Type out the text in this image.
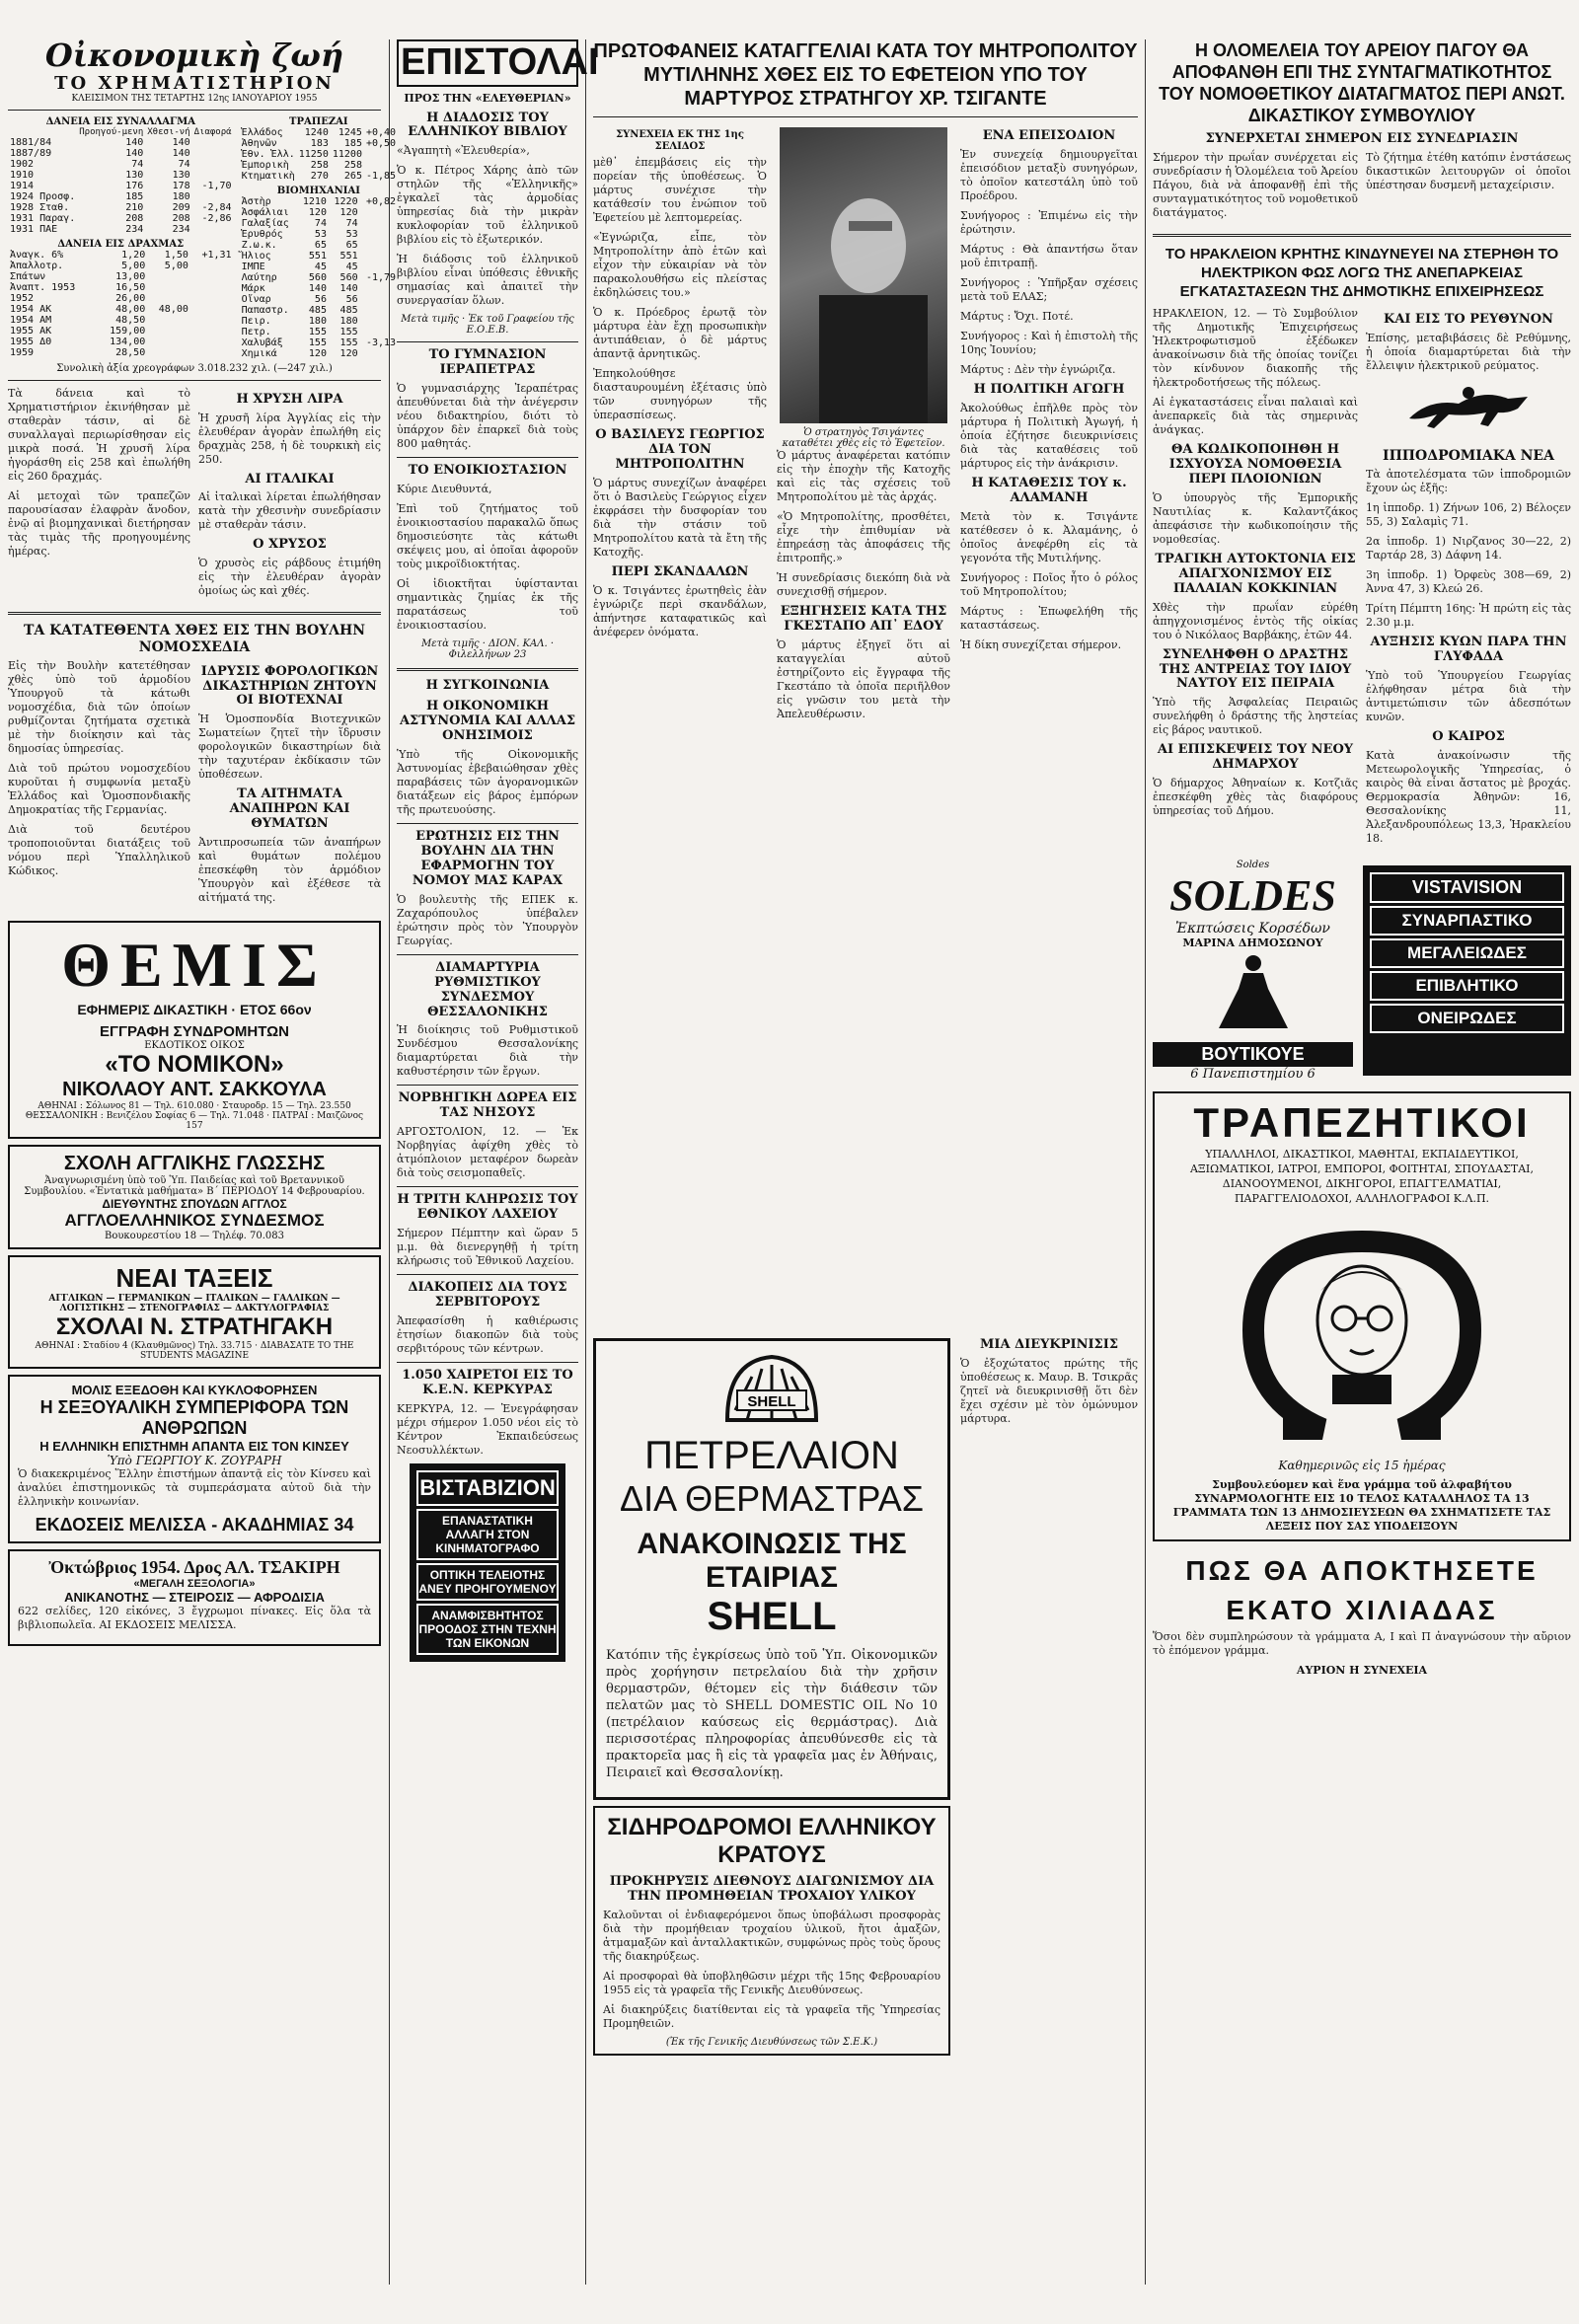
Οἰκονομικὴ ζωή
ΤΟ ΧΡΗΜΑΤΙΣΤΗΡΙΟΝ
ΚΛΕΙΣΙΜΟΝ ΤΗΣ ΤΕΤΑΡΤΗΣ 12ης ΙΑΝΟΥΑΡΙΟΥ 1955
ΔΑΝΕΙΑ ΕΙΣ ΣΥΝΑΛΛΑΓΜΑ
	Προηγού-μενη	Χθεσι-νή	Διαφορά
1881/84	140	140	
1887/89	140	140	
1902	74	74	
1910	130	130	
1914	176	178	-1,70
1924 Προσφ.	185	180	
1928 Σταθ.	210	209	-2,84
1931 Παραγ.	208	208	-2,86
1931 ΠΑΕ	234	234	
ΔΑΝΕΙΑ ΕΙΣ ΔΡΑΧΜΑΣ
Ἀναγκ. 6%	1,20	1,50	+1,31
Ἀπαλλοτρ.	5,00	5,00	
Σπάτων	13,00		
Ἀναπτ. 1953	16,50		
1952	26,00		
1954 ΑΚ	48,00	48,00	
1954 ΑΜ	48,50		
1955 ΑΚ	159,00		
1955 ΔΘ	134,00		
1959	28,50		
ΤΡΑΠΕΖΑΙ
Ἑλλάδος	1240	1245	+0,40
Ἀθηνῶν	183	185	+0,50
Ἐθν. Ἑλλ.	11250	11200	
Ἐμπορικὴ	258	258	
Κτηματικὴ	270	265	-1,85
ΒΙΟΜΗΧΑΝΙΑΙ
Ἀστὴρ	1210	1220	+0,82
Ἀσφάλιαι	120	120	
Γαλαξίας	74	74	
Ἐρυθρός	53	53	
Ζ.ω.κ.	65	65	
Ἥλιος	551	551	
ΙΜΠΕ	45	45	
Λαύτηρ	560	560	-1,79
Μάρκ	140	140	
Οἴναρ	56	56	
Παπαστρ.	485	485	
Πειρ.	180	180	
Πετρ.	155	155	
Χαλυβάξ	155	155	-3,13
Χημικά	120	120	
Συνολικὴ ἀξία χρεογράφων 3.018.232 χιλ. (—247 χιλ.)

Τὰ δάνεια καὶ τὸ Χρηματιστήριον ἐκινήθησαν μὲ σταθερὰν τάσιν, αἱ δὲ συναλλαγαὶ περιωρίσθησαν εἰς μικρὰ ποσά. Ἡ χρυσῆ λίρα ἠγοράσθη εἰς 258 καὶ ἐπωλήθη εἰς 260 δραχμάς.

Αἱ μετοχαὶ τῶν τραπεζῶν παρουσίασαν ἐλαφρὰν ἄνοδον, ἐνῷ αἱ βιομηχανικαὶ διετήρησαν τὰς τιμὰς τῆς προηγουμένης ἡμέρας.

Η ΧΡΥΣΗ ΛΙΡΑ

Ἡ χρυσῆ λίρα Ἀγγλίας εἰς τὴν ἐλευθέραν ἀγορὰν ἐπωλήθη εἰς δραχμὰς 258, ἡ δὲ τουρκικὴ εἰς 250.

ΑΙ ΙΤΑΛΙΚΑΙ

Αἱ ἰταλικαὶ λίρεται ἐπωλήθησαν κατὰ τὴν χθεσινὴν συνεδρίασιν μὲ σταθερὰν τάσιν.

Ο ΧΡΥΣΟΣ

Ὁ χρυσὸς εἰς ράβδους ἐτιμήθη εἰς τὴν ἐλευθέραν ἀγορὰν ὁμοίως ὡς καὶ χθές.

ΤΑ ΚΑΤΑΤΕΘΕΝΤΑ ΧΘΕΣ ΕΙΣ ΤΗΝ ΒΟΥΛΗΝ ΝΟΜΟΣΧΕΔΙΑ

Εἰς τὴν Βουλὴν κατετέθησαν χθὲς ὑπὸ τοῦ ἁρμοδίου Ὑπουργοῦ τὰ κάτωθι νομοσχέδια, διὰ τῶν ὁποίων ρυθμίζονται ζητήματα σχετικὰ μὲ τὴν διοίκησιν καὶ τὰς δημοσίας ὑπηρεσίας.

Διὰ τοῦ πρώτου νομοσχεδίου κυροῦται ἡ συμφωνία μεταξὺ Ἑλλάδος καὶ Ὁμοσπονδιακῆς Δημοκρατίας τῆς Γερμανίας.

Διὰ τοῦ δευτέρου τροποποιοῦνται διατάξεις τοῦ νόμου περὶ Ὑπαλληλικοῦ Κώδικος.

ΙΔΡΥΣΙΣ ΦΟΡΟΛΟΓΙΚΩΝ ΔΙΚΑΣΤΗΡΙΩΝ ΖΗΤΟΥΝ ΟΙ ΒΙΟΤΕΧΝΑΙ

Ἡ Ὁμοσπονδία Βιοτεχνικῶν Σωματείων ζητεῖ τὴν ἵδρυσιν φορολογικῶν δικαστηρίων διὰ τὴν ταχυτέραν ἐκδίκασιν τῶν ὑποθέσεων.

ΤΑ ΑΙΤΗΜΑΤΑ ΑΝΑΠΗΡΩΝ ΚΑΙ ΘΥΜΑΤΩΝ

Ἀντιπροσωπεία τῶν ἀναπήρων καὶ θυμάτων πολέμου ἐπεσκέφθη τὸν ἁρμόδιον Ὑπουργὸν καὶ ἐξέθεσε τὰ αἰτήματά της.

ΘΕΜΙΣ
ΕΦΗΜΕΡΙΣ ΔΙΚΑΣΤΙΚΗ · ΕΤΟΣ 66ον
ΕΓΓΡΑΦΗ ΣΥΝΔΡΟΜΗΤΩΝ
ΕΚΔΟΤΙΚΟΣ ΟΙΚΟΣ
«ΤΟ ΝΟΜΙΚΟΝ»
ΝΙΚΟΛΑΟΥ ΑΝΤ. ΣΑΚΚΟΥΛΑ
ΑΘΗΝΑΙ : Σόλωνος 81 — Τηλ. 610.080 · Σταυροδρ. 15 — Τηλ. 23.550
ΘΕΣΣΑΛΟΝΙΚΗ : Βενιζέλου Σοφίας 6 — Τηλ. 71.048 · ΠΑΤΡΑΙ : Μαιζῶνος 157
ΣΧΟΛΗ ΑΓΓΛΙΚΗΣ ΓΛΩΣΣΗΣ
Ἀναγνωρισμένη ὑπὸ τοῦ Ὑπ. Παιδείας καὶ τοῦ Βρεταννικοῦ Συμβουλίου. «Ἐντατικὰ μαθήματα» Β΄ ΠΕΡΙΟΔΟΥ 14 Φεβρουαρίου.
ΔΙΕΥΘΥΝΤΗΣ ΣΠΟΥΔΩΝ ΑΓΓΛΟΣ
ΑΓΓΛΟΕΛΛΗΝΙΚΟΣ ΣΥΝΔΕΣΜΟΣ
Βουκουρεστίου 18 — Τηλέφ. 70.083
ΝΕΑΙ ΤΑΞΕΙΣ
ΑΓΓΛΙΚΩΝ — ΓΕΡΜΑΝΙΚΩΝ — ΙΤΑΛΙΚΩΝ — ΓΑΛΛΙΚΩΝ — ΛΟΓΙΣΤΙΚΗΣ — ΣΤΕΝΟΓΡΑΦΙΑΣ — ΔΑΚΤΥΛΟΓΡΑΦΙΑΣ
ΣΧΟΛΑΙ Ν. ΣΤΡΑΤΗΓΑΚΗ
ΑΘΗΝΑΙ : Σταδίου 4 (Κλαυθμῶνος) Τηλ. 33.715 · ΔΙΑΒΑΣΑΤΕ ΤΟ THE STUDENTS MAGAZINE
ΜΟΛΙΣ ΕΞΕΔΟΘΗ ΚΑΙ ΚΥΚΛΟΦΟΡΗΣΕΝ
Η ΣΕΞΟΥΑΛΙΚΗ ΣΥΜΠΕΡΙΦΟΡΑ ΤΩΝ ΑΝΘΡΩΠΩΝ
Η ΕΛΛΗΝΙΚΗ ΕΠΙΣΤΗΜΗ ΑΠΑΝΤΑ ΕΙΣ ΤΟΝ ΚΙΝΣΕΥ
Ὑπὸ ΓΕΩΡΓΙΟΥ Κ. ΖΟΥΡΑΡΗ

Ὁ διακεκριμένος Ἕλλην ἐπιστήμων ἀπαντᾷ εἰς τὸν Κίνσευ καὶ ἀναλύει ἐπιστημονικῶς τὰ συμπεράσματα αὐτοῦ διὰ τὴν ἑλληνικὴν κοινωνίαν.

ΕΚΔΟΣΕΙΣ ΜΕΛΙΣΣΑ - ΑΚΑΔΗΜΙΑΣ 34
Ὀκτώβριος 1954. Δρος ΑΛ. ΤΣΑΚΙΡΗ
«ΜΕΓΑΛΗ ΣΕΞΟΛΟΓΙΑ»
ΑΝΙΚΑΝΟΤΗΣ — ΣΤΕΙΡΟΣΙΣ — ΑΦΡΟΔΙΣΙΑ

622 σελίδες, 120 εἰκόνες, 3 ἔγχρωμοι πίνακες. Εἰς ὅλα τὰ βιβλιοπωλεῖα. ΑΙ ΕΚΔΟΣΕΙΣ ΜΕΛΙΣΣΑ.

ΕΠΙΣΤΟΛΑΙ
ΠΡΟΣ ΤΗΝ «ΕΛΕΥΘΕΡΙΑΝ»
Η ΔΙΑΔΟΣΙΣ ΤΟΥ ΕΛΛΗΝΙΚΟΥ ΒΙΒΛΙΟΥ

«Ἀγαπητὴ «Ἐλευθερία»,

Ὁ κ. Πέτρος Χάρης ἀπὸ τῶν στηλῶν τῆς «Ἑλληνικῆς» ἐγκαλεῖ τὰς ἀρμοδίας ὑπηρεσίας διὰ τὴν μικρὰν κυκλοφορίαν τοῦ ἑλληνικοῦ βιβλίου εἰς τὸ ἐξωτερικόν.

Ἡ διάδοσις τοῦ ἑλληνικοῦ βιβλίου εἶναι ὑπόθεσις ἐθνικῆς σημασίας καὶ ἀπαιτεῖ τὴν συνεργασίαν ὅλων.

Μετὰ τιμῆς · Ἐκ τοῦ Γραφείου τῆς Ε.Ο.Ε.Β.
ΤΟ ΓΥΜΝΑΣΙΟΝ ΙΕΡΑΠΕΤΡΑΣ

Ὁ γυμνασιάρχης Ἱεραπέτρας ἀπευθύνεται διὰ τὴν ἀνέγερσιν νέου διδακτηρίου, διότι τὸ ὑπάρχον δὲν ἐπαρκεῖ διὰ τοὺς 800 μαθητάς.

ΤΟ ΕΝΟΙΚΙΟΣΤΑΣΙΟΝ

Κύριε Διευθυντά,

Ἐπὶ τοῦ ζητήματος τοῦ ἐνοικιοστασίου παρακαλῶ ὅπως δημοσιεύσητε τὰς κάτωθι σκέψεις μου, αἱ ὁποῖαι ἀφοροῦν τοὺς μικροϊδιοκτήτας.

Οἱ ἰδιοκτῆται ὑφίστανται σημαντικὰς ζημίας ἐκ τῆς παρατάσεως τοῦ ἐνοικιοστασίου.

Μετὰ τιμῆς · ΔΙΟΝ. ΚΑΛ. · Φιλελλήνων 23
Η ΣΥΓΚΟΙΝΩΝΙΑ
Η ΟΙΚΟΝΟΜΙΚΗ ΑΣΤΥΝΟΜΙΑ ΚΑΙ ΑΛΛΑΣ ΟΝΗΣΙΜΟΙΣ

Ὑπὸ τῆς Οἰκονομικῆς Ἀστυνομίας ἐβεβαιώθησαν χθὲς παραβάσεις τῶν ἀγορανομικῶν διατάξεων εἰς βάρος ἐμπόρων τῆς πρωτευούσης.

ΕΡΩΤΗΣΙΣ ΕΙΣ ΤΗΝ ΒΟΥΛΗΝ ΔΙΑ ΤΗΝ ΕΦΑΡΜΟΓΗΝ ΤΟΥ ΝΟΜΟΥ ΜΑΣ ΚΑΡΑΧ

Ὁ βουλευτὴς τῆς ΕΠΕΚ κ. Ζαχαρόπουλος ὑπέβαλεν ἐρώτησιν πρὸς τὸν Ὑπουργὸν Γεωργίας.

ΔΙΑΜΑΡΤΥΡΙΑ ΡΥΘΜΙΣΤΙΚΟΥ ΣΥΝΔΕΣΜΟΥ ΘΕΣΣΑΛΟΝΙΚΗΣ

Ἡ διοίκησις τοῦ Ρυθμιστικοῦ Συνδέσμου Θεσσαλονίκης διαμαρτύρεται διὰ τὴν καθυστέρησιν τῶν ἔργων.

ΝΟΡΒΗΓΙΚΗ ΔΩΡΕΑ ΕΙΣ ΤΑΣ ΝΗΣΟΥΣ

ΑΡΓΟΣΤΟΛΙΟΝ, 12. — Ἐκ Νορβηγίας ἀφίχθη χθὲς τὸ ἀτμόπλοιον μεταφέρον δωρεὰν διὰ τοὺς σεισμοπαθεῖς.

Η ΤΡΙΤΗ ΚΛΗΡΩΣΙΣ ΤΟΥ ΕΘΝΙΚΟΥ ΛΑΧΕΙΟΥ

Σήμερον Πέμπτην καὶ ὥραν 5 μ.μ. θὰ διενεργηθῇ ἡ τρίτη κλήρωσις τοῦ Ἐθνικοῦ Λαχείου.

ΔΙΑΚΟΠΕΙΣ ΔΙΑ ΤΟΥΣ ΣΕΡΒΙΤΟΡΟΥΣ

Ἀπεφασίσθη ἡ καθιέρωσις ἐτησίων διακοπῶν διὰ τοὺς σερβιτόρους τῶν κέντρων.

1.050 ΧΑΙΡΕΤΟΙ ΕΙΣ ΤΟ Κ.Ε.Ν. ΚΕΡΚΥΡΑΣ

ΚΕΡΚΥΡΑ, 12. — Ἐνεγράφησαν μέχρι σήμερον 1.050 νέοι εἰς τὸ Κέντρον Ἐκπαιδεύσεως Νεοσυλλέκτων.

ΒΙΣΤΑΒΙΖΙΟΝ
ΕΠΑΝΑΣΤΑΤΙΚΗ ΑΛΛΑΓΗ ΣΤΟΝ ΚΙΝΗΜΑΤΟΓΡΑΦΟ
ΟΠΤΙΚΗ ΤΕΛΕΙΟΤΗΣ ΑΝΕΥ ΠΡΟΗΓΟΥΜΕΝΟΥ
ΑΝΑΜΦΙΣΒΗΤΗΤΟΣ ΠΡΟΟΔΟΣ ΣΤΗΝ ΤΕΧΝΗ ΤΩΝ ΕΙΚΟΝΩΝ
ΠΡΩΤΟΦΑΝΕΙΣ ΚΑΤΑΓΓΕΛΙΑΙ ΚΑΤΑ ΤΟΥ ΜΗΤΡΟΠΟΛΙΤΟΥ ΜΥΤΙΛΗΝΗΣ ΧΘΕΣ ΕΙΣ ΤΟ ΕΦΕΤΕΙΟΝ ΥΠΟ ΤΟΥ ΜΑΡΤΥΡΟΣ ΣΤΡΑΤΗΓΟΥ ΧΡ. ΤΣΙΓΑΝΤΕ
ΣΥΝΕΧΕΙΑ ΕΚ ΤΗΣ 1ης ΣΕΛΙΔΟΣ

μὲθ᾽ ἐπεμβάσεις εἰς τὴν πορείαν τῆς ὑποθέσεως. Ὁ μάρτυς συνέχισε τὴν κατάθεσίν του ἐνώπιον τοῦ Ἐφετείου μὲ λεπτομερείας.

«Ἐγνώριζα, εἶπε, τὸν Μητροπολίτην ἀπὸ ἐτῶν καὶ εἶχον τὴν εὐκαιρίαν νὰ τὸν παρακολουθήσω εἰς πλείστας ἐκδηλώσεις του.»

Ὁ κ. Πρόεδρος ἐρωτᾷ τὸν μάρτυρα ἐὰν ἔχῃ προσωπικὴν ἀντιπάθειαν, ὁ δὲ μάρτυς ἀπαντᾷ ἀρνητικῶς.

Ἐπηκολούθησε διασταυρουμένη ἐξέτασις ὑπὸ τῶν συνηγόρων τῆς ὑπερασπίσεως.

Ο ΒΑΣΙΛΕΥΣ ΓΕΩΡΓΙΟΣ ΔΙΑ ΤΟΝ ΜΗΤΡΟΠΟΛΙΤΗΝ

Ὁ μάρτυς συνεχίζων ἀναφέρει ὅτι ὁ Βασιλεὺς Γεώργιος εἶχεν ἐκφράσει τὴν δυσφορίαν του διὰ τὴν στάσιν τοῦ Μητροπολίτου κατὰ τὰ ἔτη τῆς Κατοχῆς.

ΠΕΡΙ ΣΚΑΝΔΑΛΩΝ

Ὁ κ. Τσιγάντες ἐρωτηθεὶς ἐὰν ἐγνώριζε περὶ σκανδάλων, ἀπήντησε καταφατικῶς καὶ ἀνέφερεν ὀνόματα.

Ὁ στρατηγὸς Τσιγάντες καταθέτει χθὲς εἰς τὸ Ἐφετεῖον.

Ὁ μάρτυς ἀναφέρεται κατόπιν εἰς τὴν ἐποχὴν τῆς Κατοχῆς καὶ εἰς τὰς σχέσεις τοῦ Μητροπολίτου μὲ τὰς ἀρχάς.

«Ὁ Μητροπολίτης, προσθέτει, εἶχε τὴν ἐπιθυμίαν νὰ ἐπηρεάσῃ τὰς ἀποφάσεις τῆς ἐπιτροπῆς.»

Ἡ συνεδρίασις διεκόπη διὰ νὰ συνεχισθῇ σήμερον.

ΕΞΗΓΗΣΕΙΣ ΚΑΤΑ ΤΗΣ ΓΚΕΣΤΑΠΟ ΑΠ᾽ ΕΔΟΥ

Ὁ μάρτυς ἐξηγεῖ ὅτι αἱ καταγγελίαι αὐτοῦ ἐστηρίζοντο εἰς ἔγγραφα τῆς Γκεστάπο τὰ ὁποῖα περιῆλθον εἰς γνῶσιν του μετὰ τὴν Ἀπελευθέρωσιν.

ΕΝΑ ΕΠΕΙΣΟΔΙΟΝ

Ἐν συνεχείᾳ δημιουργεῖται ἐπεισόδιον μεταξὺ συνηγόρων, τὸ ὁποῖον κατεστάλη ὑπὸ τοῦ Προέδρου.

Συνήγορος : Ἐπιμένω εἰς τὴν ἐρώτησιν.

Μάρτυς : Θὰ ἀπαντήσω ὅταν μοῦ ἐπιτραπῇ.

Συνήγορος : Ὑπῆρξαν σχέσεις μετὰ τοῦ ΕΛΑΣ;

Μάρτυς : Ὄχι. Ποτέ.

Συνήγορος : Καὶ ἡ ἐπιστολὴ τῆς 10ης Ἰουνίου;

Μάρτυς : Δὲν τὴν ἐγνώριζα.

Η ΠΟΛΙΤΙΚΗ ΑΓΩΓΗ

Ἀκολούθως ἐπῆλθε πρὸς τὸν μάρτυρα ἡ Πολιτικὴ Ἀγωγή, ἡ ὁποία ἐζήτησε διευκρινίσεις διὰ τὰς καταθέσεις τοῦ μάρτυρος εἰς τὴν ἀνάκρισιν.

Η ΚΑΤΑΘΕΣΙΣ ΤΟΥ κ. ΑΛΑΜΑΝΗ

Μετὰ τὸν κ. Τσιγάντε κατέθεσεν ὁ κ. Ἀλαμάνης, ὁ ὁποῖος ἀνεφέρθη εἰς τὰ γεγονότα τῆς Μυτιλήνης.

Συνήγορος : Ποῖος ἦτο ὁ ρόλος τοῦ Μητροπολίτου;

Μάρτυς : Ἐπωφελήθη τῆς καταστάσεως.

Ἡ δίκη συνεχίζεται σήμερον.

SHELL
ΠΕΤΡΕΛΑΙΟΝ
ΔΙΑ ΘΕΡΜΑΣΤΡΑΣ
ΑΝΑΚΟΙΝΩΣΙΣ ΤΗΣ ΕΤΑΙΡΙΑΣ
SHELL

Κατόπιν τῆς ἐγκρίσεως ὑπὸ τοῦ Ὑπ. Οἰκονομικῶν πρὸς χορήγησιν πετρελαίου διὰ τὴν χρῆσιν θερμαστρῶν, θέτομεν εἰς τὴν διάθεσιν τῶν πελατῶν μας τὸ SHELL DOMESTIC OIL No 10 (πετρέλαιον καύσεως εἰς θερμάστρας). Διὰ περισσοτέρας πληροφορίας ἀπευθύνεσθε εἰς τὰ πρακτορεῖα μας ἢ εἰς τὰ γραφεῖα μας ἐν Ἀθήναις, Πειραιεῖ καὶ Θεσσαλονίκῃ.

ΣΙΔΗΡΟΔΡΟΜΟΙ ΕΛΛΗΝΙΚΟΥ ΚΡΑΤΟΥΣ
ΠΡΟΚΗΡΥΞΙΣ ΔΙΕΘΝΟΥΣ ΔΙΑΓΩΝΙΣΜΟΥ ΔΙΑ ΤΗΝ ΠΡΟΜΗΘΕΙΑΝ ΤΡΟΧΑΙΟΥ ΥΛΙΚΟΥ

Καλοῦνται οἱ ἐνδιαφερόμενοι ὅπως ὑποβάλωσι προσφορὰς διὰ τὴν προμήθειαν τροχαίου ὑλικοῦ, ἤτοι ἁμαξῶν, ἀτμαμαξῶν καὶ ἀνταλλακτικῶν, συμφώνως πρὸς τοὺς ὅρους τῆς διακηρύξεως.

Αἱ προσφοραὶ θὰ ὑποβληθῶσιν μέχρι τῆς 15ης Φεβρουαρίου 1955 εἰς τὰ γραφεῖα τῆς Γενικῆς Διευθύνσεως.

Αἱ διακηρύξεις διατίθενται εἰς τὰ γραφεῖα τῆς Ὑπηρεσίας Προμηθειῶν.

(Ἐκ τῆς Γενικῆς Διευθύνσεως τῶν Σ.Ε.Κ.)
ΜΙΑ ΔΙΕΥΚΡΙΝΙΣΙΣ

Ὁ ἐξοχώτατος πρώτης τῆς ὑποθέσεως κ. Μαυρ. Β. Τσικρᾶς ζητεῖ νὰ διευκρινισθῇ ὅτι δὲν ἔχει σχέσιν μὲ τὸν ὁμώνυμον μάρτυρα.

Η ΟΛΟΜΕΛΕΙΑ ΤΟΥ ΑΡΕΙΟΥ ΠΑΓΟΥ ΘΑ ΑΠΟΦΑΝΘΗ ΕΠΙ ΤΗΣ ΣΥΝΤΑΓΜΑΤΙΚΟΤΗΤΟΣ ΤΟΥ ΝΟΜΟΘΕΤΙΚΟΥ ΔΙΑΤΑΓΜΑΤΟΣ ΠΕΡΙ ΑΝΩΤ. ΔΙΚΑΣΤΙΚΟΥ ΣΥΜΒΟΥΛΙΟΥ
ΣΥΝΕΡΧΕΤΑΙ ΣΗΜΕΡΟΝ ΕΙΣ ΣΥΝΕΔΡΙΑΣΙΝ

Σήμερον τὴν πρωΐαν συνέρχεται εἰς συνεδρίασιν ἡ Ὁλομέλεια τοῦ Ἀρείου Πάγου, διὰ νὰ ἀποφανθῇ ἐπὶ τῆς συνταγματικότητος τοῦ νομοθετικοῦ διατάγματος.

Τὸ ζήτημα ἐτέθη κατόπιν ἐνστάσεως δικαστικῶν λειτουργῶν οἱ ὁποῖοι ὑπέστησαν δυσμενῆ μεταχείρισιν.

ΤΟ ΗΡΑΚΛΕΙΟΝ ΚΡΗΤΗΣ ΚΙΝΔΥΝΕΥΕΙ ΝΑ ΣΤΕΡΗΘΗ ΤΟ ΗΛΕΚΤΡΙΚΟΝ ΦΩΣ ΛΟΓΩ ΤΗΣ ΑΝΕΠΑΡΚΕΙΑΣ ΕΓΚΑΤΑΣΤΑΣΕΩΝ ΤΗΣ ΔΗΜΟΤΙΚΗΣ ΕΠΙΧΕΙΡΗΣΕΩΣ

ΗΡΑΚΛΕΙΟΝ, 12. — Τὸ Συμβούλιον τῆς Δημοτικῆς Ἐπιχειρήσεως Ἠλεκτροφωτισμοῦ ἐξέδωκεν ἀνακοίνωσιν διὰ τῆς ὁποίας τονίζει τὸν κίνδυνον διακοπῆς τῆς ἠλεκτροδοτήσεως τῆς πόλεως.

Αἱ ἐγκαταστάσεις εἶναι παλαιαὶ καὶ ἀνεπαρκεῖς διὰ τὰς σημερινὰς ἀνάγκας.

ΘΑ ΚΩΔΙΚΟΠΟΙΗΘΗ Η ΙΣΧΥΟΥΣΑ ΝΟΜΟΘΕΣΙΑ ΠΕΡΙ ΠΛΟΙΟΝΙΩΝ

Ὁ ὑπουργὸς τῆς Ἐμπορικῆς Ναυτιλίας κ. Καλαντζάκος ἀπεφάσισε τὴν κωδικοποίησιν τῆς νομοθεσίας.

ΤΡΑΓΙΚΗ ΑΥΤΟΚΤΟΝΙΑ ΕΙΣ ΑΠΑΓΧΟΝΙΣΜΟΥ ΕΙΣ ΠΑΛΑΙΑΝ ΚΟΚΚΙΝΙΑΝ

Χθὲς τὴν πρωΐαν εὑρέθη ἀπηγχονισμένος ἐντὸς τῆς οἰκίας του ὁ Νικόλαος Βαρβάκης, ἐτῶν 44.

ΣΥΝΕΛΗΦΘΗ Ο ΔΡΑΣΤΗΣ ΤΗΣ ΑΝΤΡΕΙΑΣ ΤΟΥ ΙΔΙΟΥ ΝΑΥΤΟΥ ΕΙΣ ΠΕΙΡΑΙΑ

Ὑπὸ τῆς Ἀσφαλείας Πειραιῶς συνελήφθη ὁ δράστης τῆς ληστείας εἰς βάρος ναυτικοῦ.

ΑΙ ΕΠΙΣΚΕΨΕΙΣ ΤΟΥ ΝΕΟΥ ΔΗΜΑΡΧΟΥ

Ὁ δήμαρχος Ἀθηναίων κ. Κοτζιᾶς ἐπεσκέφθη χθὲς τὰς διαφόρους ὑπηρεσίας τοῦ Δήμου.

ΚΑΙ ΕΙΣ ΤΟ ΡΕΥΘΥΝΟΝ

Ἐπίσης, μεταβιβάσεις δὲ Ρεθύμνης, ἡ ὁποία διαμαρτύρεται διὰ τὴν ἔλλειψιν ἠλεκτρικοῦ ρεύματος.

ΙΠΠΟΔΡΟΜΙΑΚΑ ΝΕΑ

Τὰ ἀποτελέσματα τῶν ἱπποδρομιῶν ἔχουν ὡς ἑξῆς:

1η ἱπποδρ. 1) Ζήνων 106, 2) Βέλοςεν 55, 3) Σαλαμὶς 71.

2α ἱπποδρ. 1) Νιρζανος 30—22, 2) Ταρτάρ 28, 3) Δάφνη 14.

3η ἱπποδρ. 1) Ὀρφεὺς 308—69, 2) Ἀννα 47, 3) Κλεώ 26.

Τρίτη Πέμπτη 16ης: Ἡ πρώτη εἰς τὰς 2.30 μ.μ.

ΑΥΞΗΣΙΣ ΚΥΩΝ ΠΑΡΑ ΤΗΝ ΓΛΥΦΑΔΑ

Ὑπὸ τοῦ Ὑπουργείου Γεωργίας ἐλήφθησαν μέτρα διὰ τὴν ἀντιμετώπισιν τῶν ἀδεσπότων κυνῶν.

Ο ΚΑΙΡΟΣ

Κατὰ ἀνακοίνωσιν τῆς Μετεωρολογικῆς Ὑπηρεσίας, ὁ καιρὸς θὰ εἶναι ἄστατος μὲ βροχάς. Θερμοκρασία Ἀθηνῶν: 16, Θεσσαλονίκης 11, Ἀλεξανδρουπόλεως 13,3, Ἡρακλείου 18.

Soldes
SOLDES
Ἐκπτώσεις Κορσέδων
ΜΑΡΙΝΑ ΔΗΜΟΣΩΝΟΥ
ΒΟΥΤΙΚΟΥΕ
6 Πανεπιστημίου 6
VISTAVISION
ΣΥΝΑΡΠΑΣΤΙΚΟ
ΜΕΓΑΛΕΙΩΔΕΣ
ΕΠΙΒΛΗΤΙΚΟ
ΟΝΕΙΡΩΔΕΣ
ΤΡΑΠΕΖΗΤΙΚΟΙ
ΥΠΑΛΛΗΛΟΙ, ΔΙΚΑΣΤΙΚΟΙ, ΜΑΘΗΤΑΙ, ΕΚΠΑΙΔΕΥΤΙΚΟΙ, ΑΞΙΩΜΑΤΙΚΟΙ, ΙΑΤΡΟΙ, ΕΜΠΟΡΟΙ, ΦΟΙΤΗΤΑΙ, ΣΠΟΥΔΑΣΤΑΙ, ΔΙΑΝΟΟΥΜΕΝΟΙ, ΔΙΚΗΓΟΡΟΙ, ΕΠΑΓΓΕΛΜΑΤΙΑΙ, ΠΑΡΑΓΓΕΛΙΟΔΟΧΟΙ, ΑΛΛΗΛΟΓΡΑΦΟΙ Κ.Λ.Π.
Καθημερινῶς εἰς 15 ἡμέρας
Συμβουλεύομεν καὶ ἕνα γράμμα τοῦ ἀλφαβήτου ΣΥΝΑΡΜΟΛΟΓΗΤΕ ΕΙΣ 10 ΤΕΛΟΣ ΚΑΤΑΛΛΗΛΟΣ ΤΑ 13 ΓΡΑΜΜΑΤΑ ΤΩΝ 13 ΔΗΜΟΣΙΕΥΣΕΩΝ ΘΑ ΣΧΗΜΑΤΙΣΕΤΕ ΤΑΣ ΛΕΞΕΙΣ ΠΟΥ ΣΑΣ ΥΠΟΔΕΙΞΟΥΝ
ΠΩΣ ΘΑ ΑΠΟΚΤΗΣΕΤΕ ΕΚΑΤΟ ΧΙΛΙΑΔΑΣ

Ὅσοι δὲν συμπληρώσουν τὰ γράμματα Α, Ι καὶ Π ἀναγνώσουν τὴν αὔριον τὸ ἑπόμενον γράμμα.

ΑΥΡΙΟΝ Η ΣΥΝΕΧΕΙΑ
